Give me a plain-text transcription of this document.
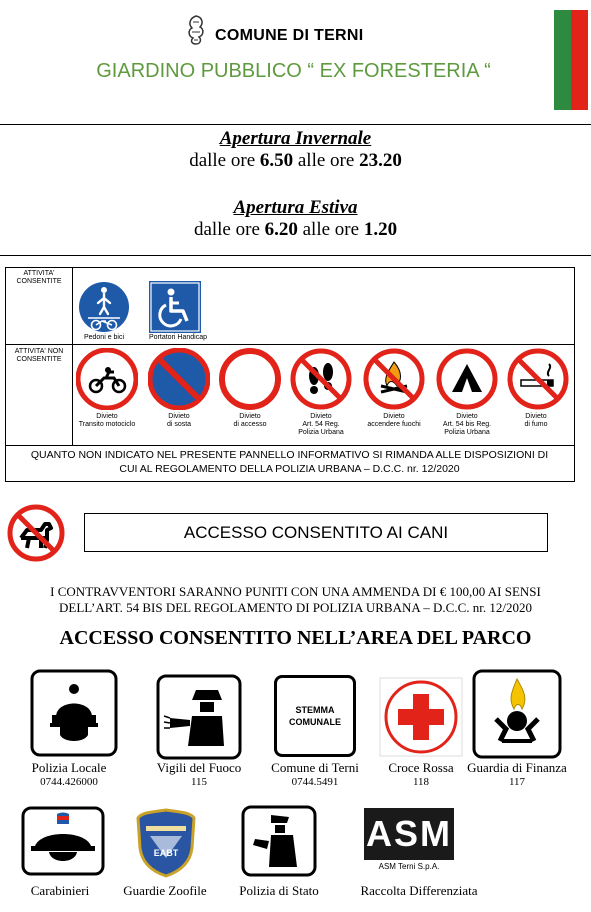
COMUNE DI TERNI
GIARDINO PUBBLICO “ EX FORESTERIA “
Apertura Invernale
dalle ore 6.50 alle ore 23.20
Apertura Estiva
dalle ore 6.20 alle ore 1.20
ATTIVITA' CONSENTITE
ATTIVITA' NON CONSENTITE
Pedoni e bici	Portatori Handicap
Divieto
Transito motociclo
Divieto
di sosta
Divieto
di accesso
Divieto
Art. 54 Reg.
Polizia Urbana
Divieto
accendere fuochi
Divieto
Art. 54 bis Reg.
Polizia Urbana
Divieto
di fumo
QUANTO NON INDICATO NEL PRESENTE PANNELLO INFORMATIVO SI RIMANDA ALLE DISPOSIZIONI DI
CUI AL REGOLAMENTO DELLA POLIZIA URBANA – D.C.C. nr. 12/2020
ACCESSO CONSENTITO AI CANI
I CONTRAVVENTORI SARANNO PUNITI CON UNA AMMENDA DI € 100,00 AI SENSI
DELL’ART. 54 BIS DEL REGOLAMENTO DI POLIZIA URBANA – D.C.C. nr. 12/2020
ACCESSO CONSENTITO NELL’AREA DEL PARCO
Polizia Locale
0744.426000
Vigili del Fuoco
115
STEMMA
COMUNALE
Comune di Terni
0744.5491
Croce Rossa
118
Guardia di Finanza
117
Carabinieri
EABT
Guardie Zoofile	Polizia di Stato
ASM
ASM Terni S.p.A.
Raccolta Differenziata
